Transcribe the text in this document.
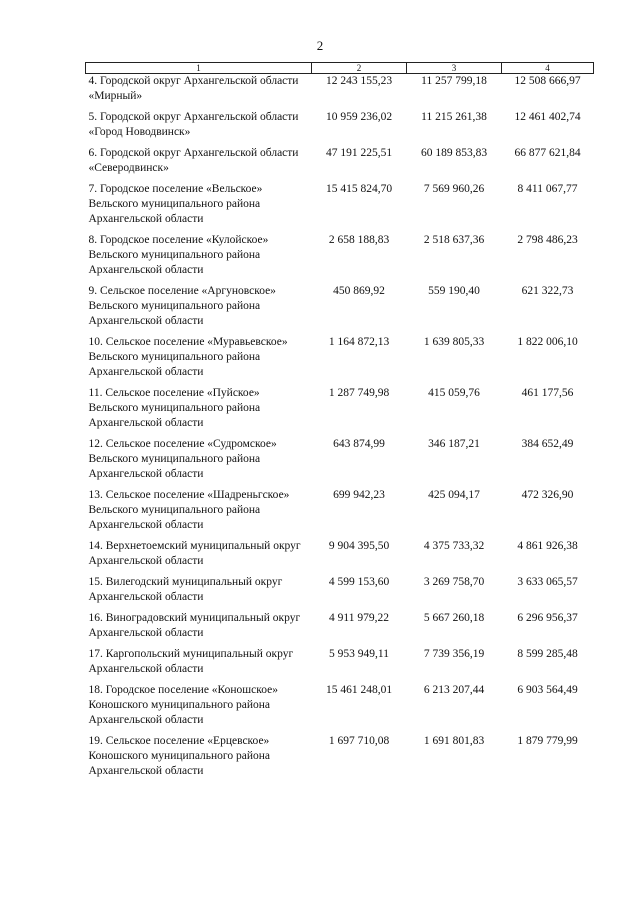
2
1	2	3	4
4. Городской округ Архангельской области «Мирный»	12 243 155,23	11 257 799,18	12 508 666,97
5. Городской округ Архангельской области «Город Новодвинск»	10 959 236,02	11 215 261,38	12 461 402,74
6. Городской округ Архангельской области «Северодвинск»	47 191 225,51	60 189 853,83	66 877 621,84
7. Городское поселение «Вельское» Вельского муниципального района Архангельской области	15 415 824,70	7 569 960,26	8 411 067,77
8. Городское поселение «Кулойское» Вельского муниципального района Архангельской области	2 658 188,83	2 518 637,36	2 798 486,23
9. Сельское поселение «Аргуновское» Вельского муниципального района Архангельской области	450 869,92	559 190,40	621 322,73
10. Сельское поселение «Муравьевское» Вельского муниципального района Архангельской области	1 164 872,13	1 639 805,33	1 822 006,10
11. Сельское поселение «Пуйское» Вельского муниципального района Архангельской области	1 287 749,98	415 059,76	461 177,56
12. Сельское поселение «Судромское» Вельского муниципального района Архангельской области	643 874,99	346 187,21	384 652,49
13. Сельское поселение «Шадреньгское» Вельского муниципального района Архангельской области	699 942,23	425 094,17	472 326,90
14. Верхнетоемский муниципальный округ Архангельской области	9 904 395,50	4 375 733,32	4 861 926,38
15. Вилегодский муниципальный округ Архангельской области	4 599 153,60	3 269 758,70	3 633 065,57
16. Виноградовский муниципальный округ Архангельской области	4 911 979,22	5 667 260,18	6 296 956,37
17. Каргопольский муниципальный округ Архангельской области	5 953 949,11	7 739 356,19	8 599 285,48
18. Городское поселение «Коношское» Коношского муниципального района Архангельской области	15 461 248,01	6 213 207,44	6 903 564,49
19. Сельское поселение «Ерцевское» Коношского муниципального района Архангельской области	1 697 710,08	1 691 801,83	1 879 779,99
